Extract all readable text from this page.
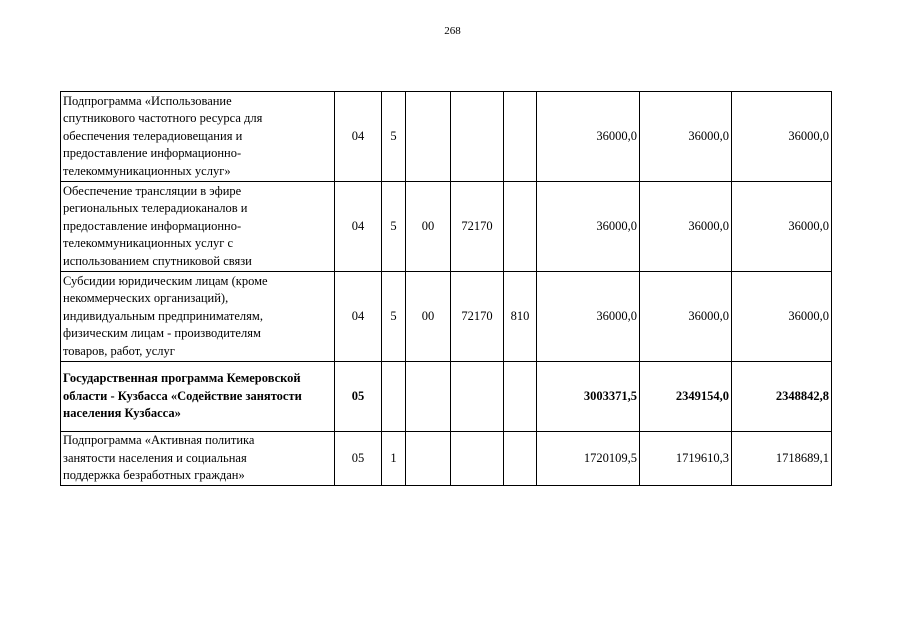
268
Подпрограмма «Использование
спутникового частотного ресурса для
обеспечения телерадиовещания и
предоставление информационно-
телекоммуникационных услуг»	04	5				36000,0	36000,0	36000,0

Обеспечение трансляции в эфире
региональных телерадиоканалов и
предоставление информационно-
телекоммуникационных услуг с
использованием спутниковой связи	04	5	00	72170		36000,0	36000,0	36000,0

Субсидии юридическим лицам (кроме
некоммерческих организаций),
индивидуальным предпринимателям,
физическим лицам - производителям
товаров, работ, услуг	04	5	00	72170	810	36000,0	36000,0	36000,0

Государственная программа Кемеровской
области - Кузбасса «Содействие занятости
населения Кузбасса»	05					3003371,5	2349154,0	2348842,8

Подпрограмма «Активная политика
занятости населения и социальная
поддержка безработных граждан»	05	1				1720109,5	1719610,3	1718689,1
